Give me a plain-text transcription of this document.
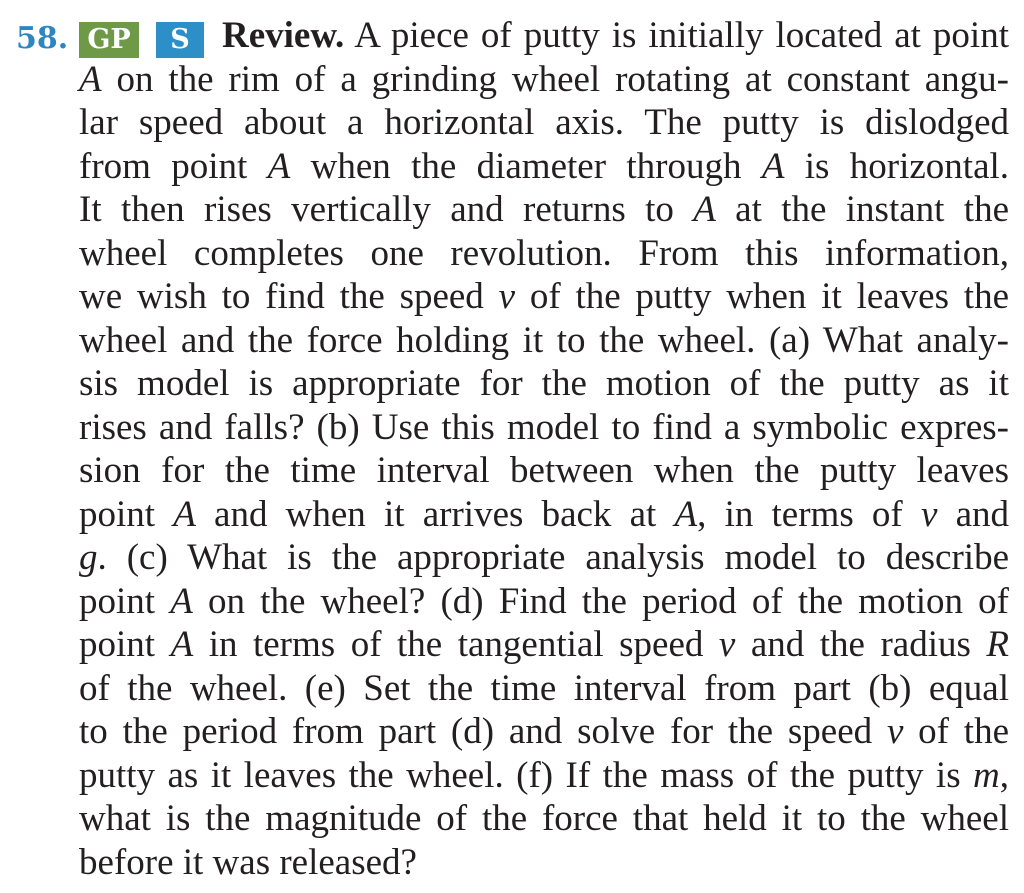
58. GP	S Review. A piece of putty is initially located at point
A on the rim of a grinding wheel rotating at constant angu-
lar speed about a horizontal axis. The putty is dislodged
from point A when the diameter through A is horizontal.
It then rises vertically and returns to A at the instant the
wheel completes one revolution. From this information,
we wish to find the speed v of the putty when it leaves the
wheel and the force holding it to the wheel. (a) What analy-
sis model is appropriate for the motion of the putty as it
rises and falls? (b) Use this model to find a symbolic expres-
sion for the time interval between when the putty leaves
point A and when it arrives back at A, in terms of v and
g. (c) What is the appropriate analysis model to describe
point A on the wheel? (d) Find the period of the motion of
point A in terms of the tangential speed v and the radius R
of the wheel. (e) Set the time interval from part (b) equal
to the period from part (d) and solve for the speed v of the
putty as it leaves the wheel. (f) If the mass of the putty is m,
what is the magnitude of the force that held it to the wheel
before it was released?
